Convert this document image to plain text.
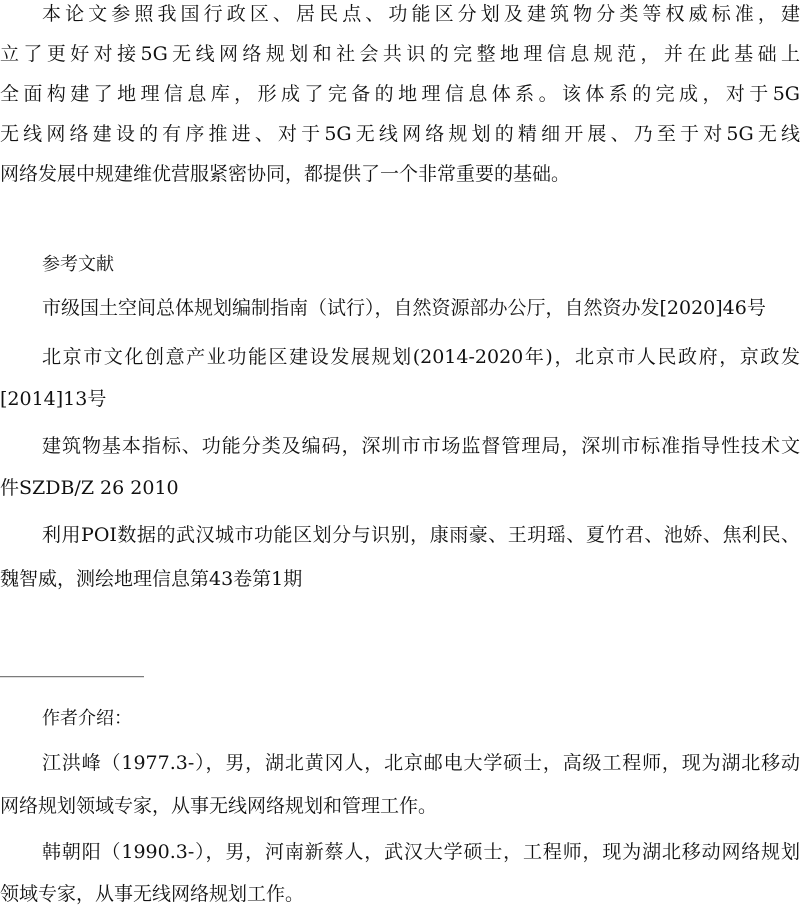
本论文参照我国行政区、居民点、功能区分划及建筑物分类等权威标准，建
立了更好对接5G无线网络规划和社会共识的完整地理信息规范，并在此基础上
全面构建了地理信息库，形成了完备的地理信息体系。该体系的完成，对于5G
无线网络建设的有序推进、对于5G无线网络规划的精细开展、乃至于对5G无线
网络发展中规建维优营服紧密协同，都提供了一个非常重要的基础。
参考文献
市级国土空间总体规划编制指南（试行），自然资源部办公厅，自然资办发[2020]46号
北京市文化创意产业功能区建设发展规划(2014-2020年)，北京市人民政府，京政发
[2014]13号
建筑物基本指标、功能分类及编码，深圳市市场监督管理局，深圳市标准指导性技术文
件SZDB/Z 26 2010
利用POI数据的武汉城市功能区划分与识别，康雨豪、王玥瑶、夏竹君、池娇、焦利民、
魏智威，测绘地理信息第43卷第1期
________________
作者介绍：
江洪峰（1977.3-），男，湖北黄冈人，北京邮电大学硕士，高级工程师，现为湖北移动
网络规划领域专家，从事无线网络规划和管理工作。
韩朝阳（1990.3-），男，河南新蔡人，武汉大学硕士，工程师，现为湖北移动网络规划
领域专家，从事无线网络规划工作。
